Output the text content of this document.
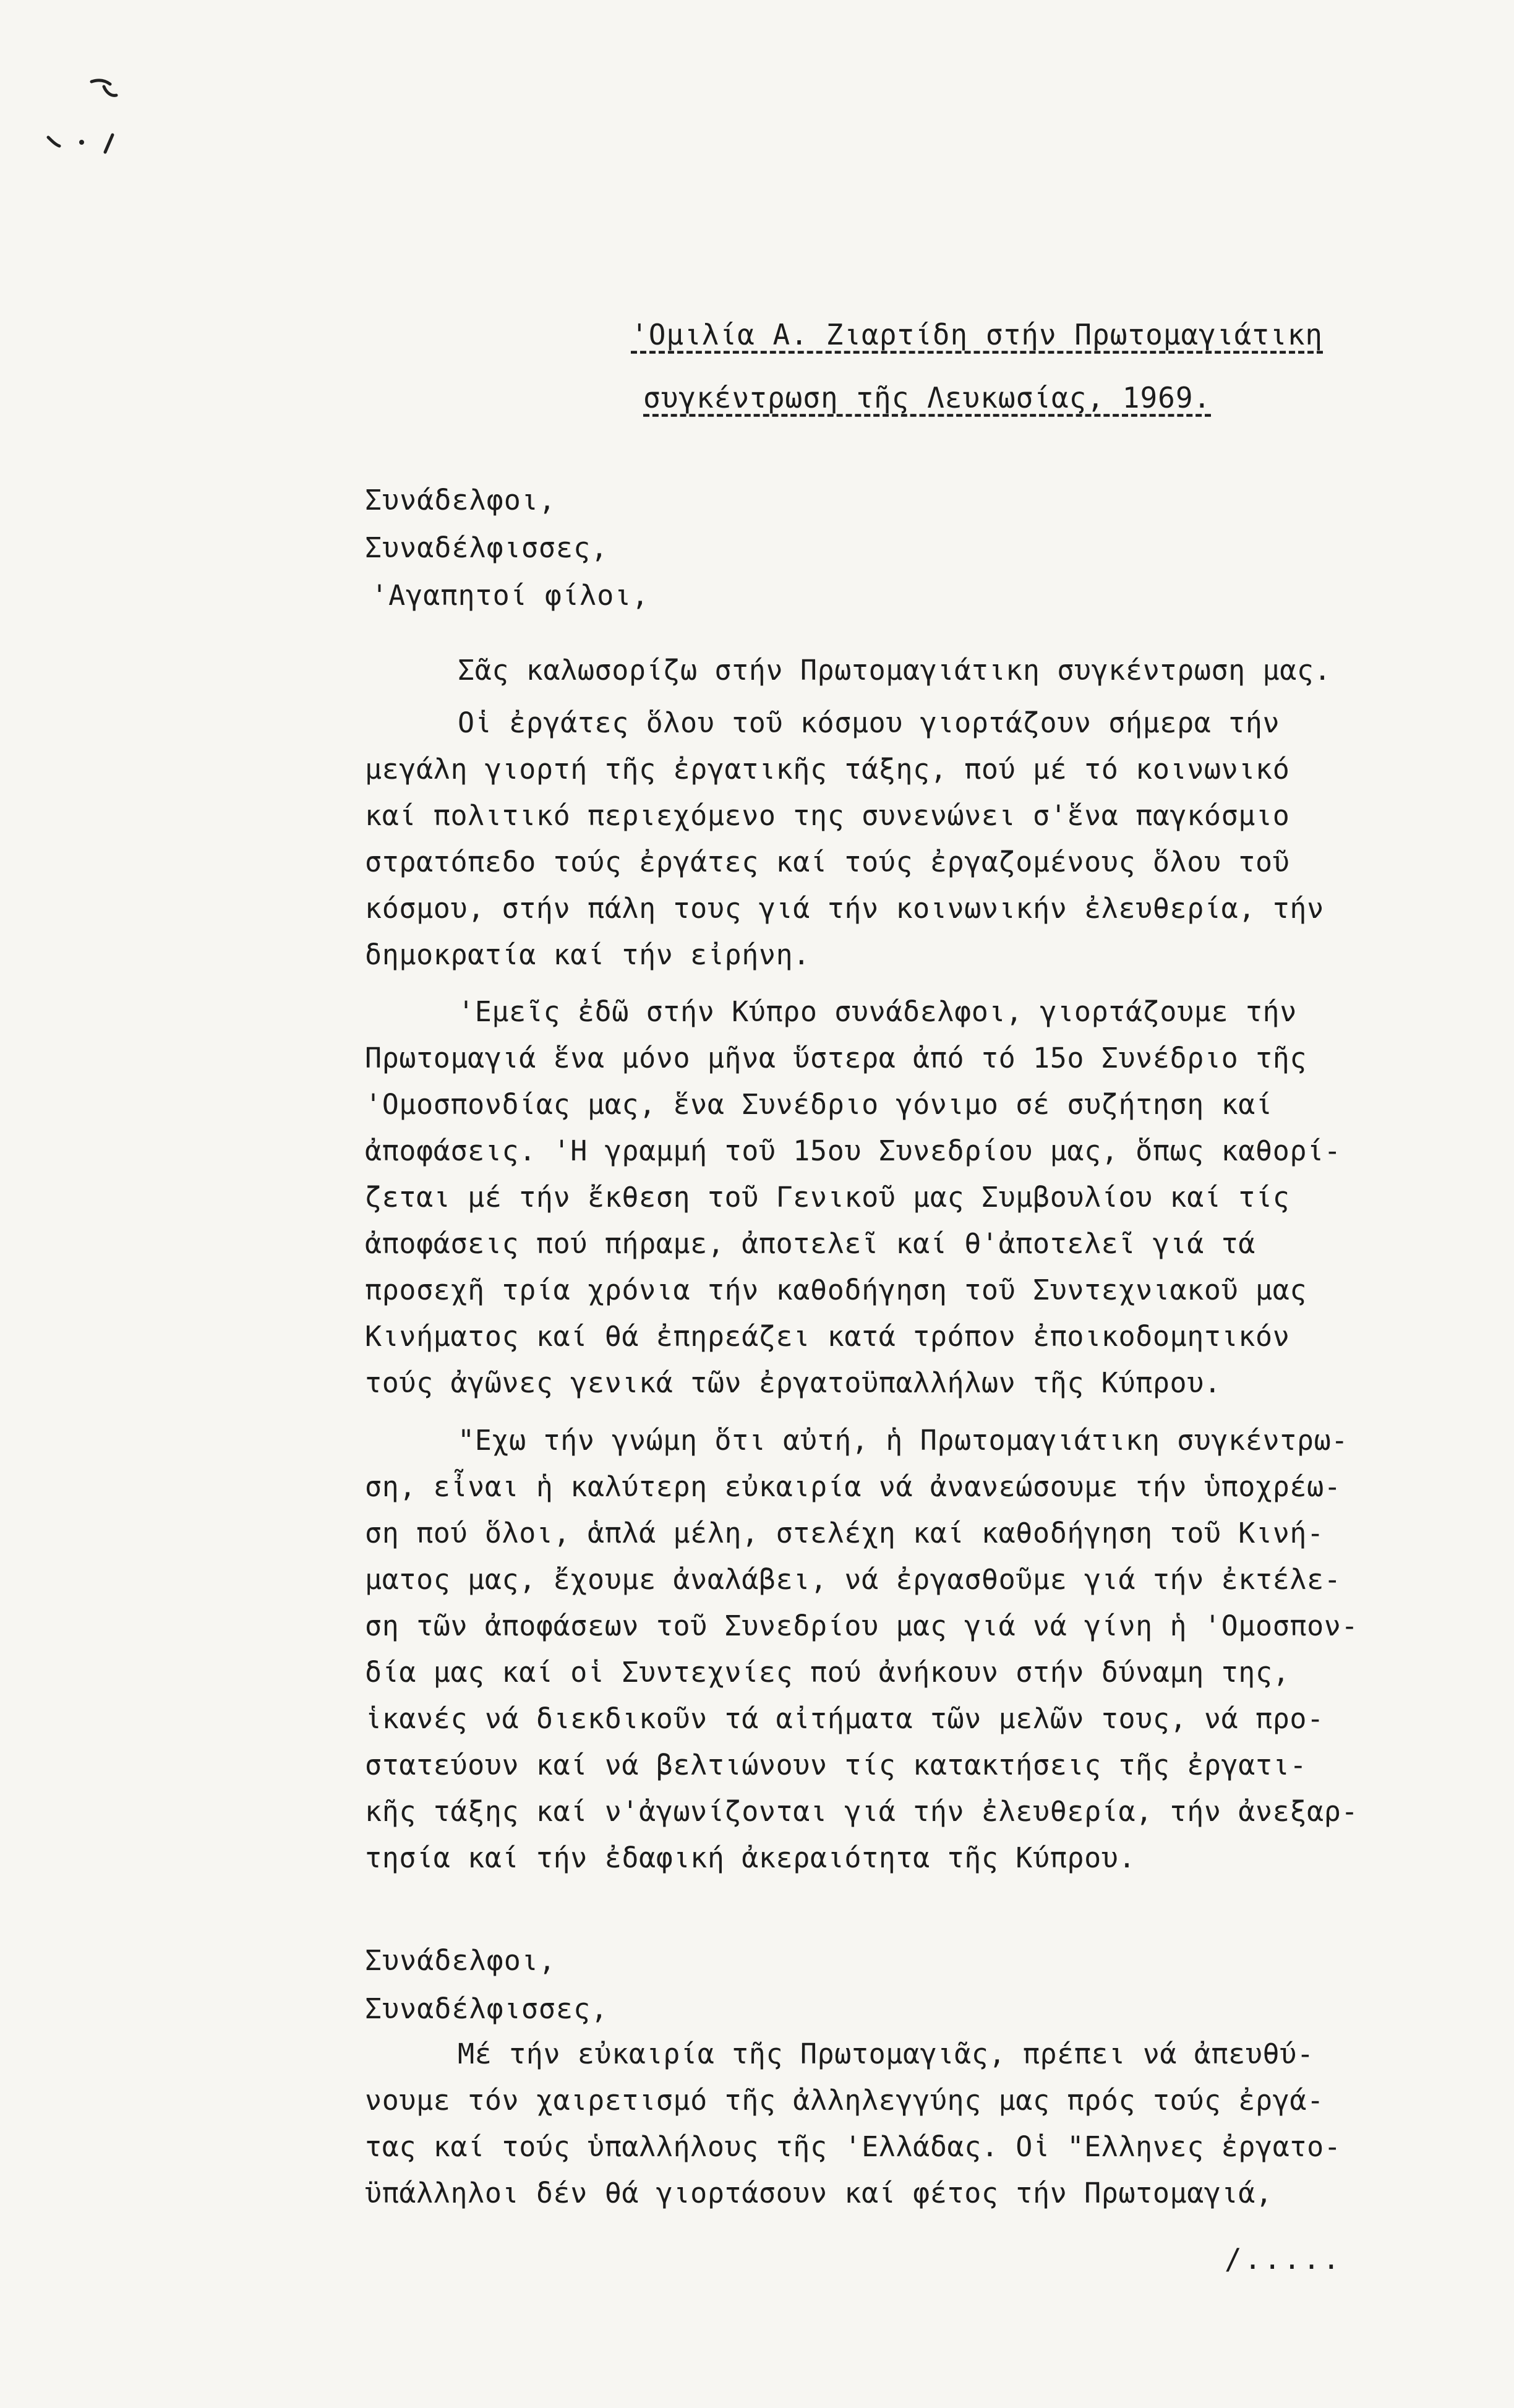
'Ομιλία Α. Ζιαρτίδη στήν Πρωτομαγιάτικη
συγκέντρωση τῆς Λευκωσίας, 1969.
Συνάδελφοι,
Συναδέλφισσες,
'Αγαπητοί φίλοι,
Σᾶς καλωσορίζω στήν Πρωτομαγιάτικη συγκέντρωση μας.
Οἱ ἐργάτες ὅλου τοῦ κόσμου γιορτάζουν σήμερα τήν
μεγάλη γιορτή τῆς ἐργατικῆς τάξης, πού μέ τό κοινωνικό
καί πολιτικό περιεχόμενο της συνενώνει σ'ἕνα παγκόσμιο
στρατόπεδο τούς ἐργάτες καί τούς ἐργαζομένους ὅλου τοῦ
κόσμου, στήν πάλη τους γιά τήν κοινωνικήν ἐλευθερία, τήν
δημοκρατία καί τήν εἰρήνη.
'Εμεῖς ἐδῶ στήν Κύπρο συνάδελφοι, γιορτάζουμε τήν
Πρωτομαγιά ἕνα μόνο μῆνα ὕστερα ἀπό τό 15ο Συνέδριο τῆς
'Ομοσπονδίας μας, ἕνα Συνέδριο γόνιμο σέ συζήτηση καί
ἀποφάσεις. 'Η γραμμή τοῦ 15ου Συνεδρίου μας, ὅπως καθορί-
ζεται μέ τήν ἔκθεση τοῦ Γενικοῦ μας Συμβουλίου καί τίς
ἀποφάσεις πού πήραμε, ἀποτελεῖ καί θ'ἀποτελεῖ γιά τά
προσεχῆ τρία χρόνια τήν καθοδήγηση τοῦ Συντεχνιακοῦ μας
Κινήματος καί θά ἐπηρεάζει κατά τρόπον ἐποικοδομητικόν
τούς ἀγῶνες γενικά τῶν ἐργατοϋπαλλήλων τῆς Κύπρου.
"Εχω τήν γνώμη ὅτι αὐτή, ἡ Πρωτομαγιάτικη συγκέντρω-
ση, εἶναι ἡ καλύτερη εὐκαιρία νά ἀνανεώσουμε τήν ὑποχρέω-
ση πού ὅλοι, ἁπλά μέλη, στελέχη καί καθοδήγηση τοῦ Κινή-
ματος μας, ἔχουμε ἀναλάβει, νά ἐργασθοῦμε γιά τήν ἐκτέλε-
ση τῶν ἀποφάσεων τοῦ Συνεδρίου μας γιά νά γίνη ἡ 'Ομοσπον-
δία μας καί οἱ Συντεχνίες πού ἀνήκουν στήν δύναμη της,
ἱκανές νά διεκδικοῦν τά αἰτήματα τῶν μελῶν τους, νά προ-
στατεύουν καί νά βελτιώνουν τίς κατακτήσεις τῆς ἐργατι-
κῆς τάξης καί ν'ἀγωνίζονται γιά τήν ἐλευθερία, τήν ἀνεξαρ-
τησία καί τήν ἐδαφική ἀκεραιότητα τῆς Κύπρου.
Συνάδελφοι,
Συναδέλφισσες,
Μέ τήν εὐκαιρία τῆς Πρωτομαγιᾶς, πρέπει νά ἀπευθύ-
νουμε τόν χαιρετισμό τῆς ἀλληλεγγύης μας πρός τούς ἐργά-
τας καί τούς ὑπαλλήλους τῆς 'Ελλάδας. Οἱ "Ελληνες ἐργατο-
ϋπάλληλοι δέν θά γιορτάσουν καί φέτος τήν Πρωτομαγιά,
/.....
